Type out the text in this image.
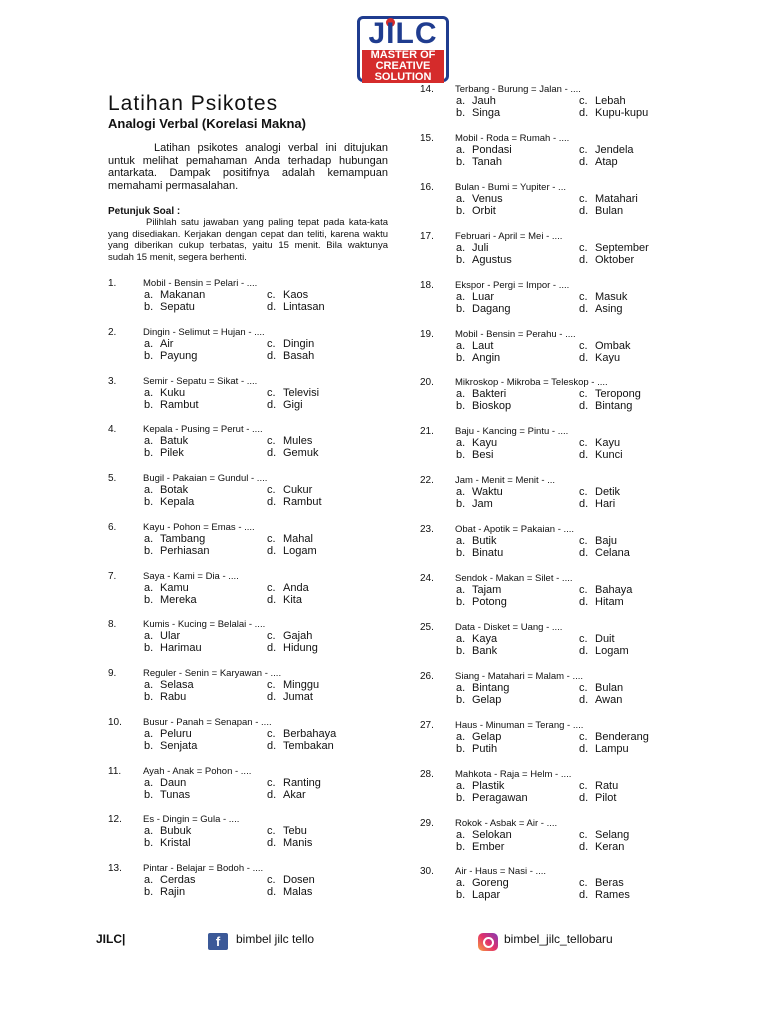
JILC
MASTER OF
CREATIVE
SOLUTION
Latihan Psikotes
Analogi Verbal (Korelasi Makna)
Latihan psikotes analogi verbal ini ditujukan untuk melihat pemahaman Anda terhadap hubungan antarkata. Dampak positifnya adalah kemampuan memahami permasalahan.
Petunjuk Soal :
Pilihlah satu jawaban yang paling tepat pada kata-kata yang disediakan. Kerjakan dengan cepat dan teliti, karena waktu yang diberikan cukup terbatas, yaitu 15 menit. Bila waktunya sudah 15 menit, segera berhenti.
1.	Mobil - Bensin = Pelari - ....
a. Makanan
b. Sepatu
c. Kaos
d. Lintasan
2.	Dingin - Selimut = Hujan - ....
a. Air
b. Payung
c. Dingin
d. Basah
3.	Semir - Sepatu = Sikat - ....
a. Kuku
b. Rambut
c. Televisi
d. Gigi
4.	Kepala - Pusing = Perut - ....
a. Batuk
b. Pilek
c. Mules
d. Gemuk
5.	Bugil - Pakaian = Gundul - ....
a. Botak
b. Kepala
c. Cukur
d. Rambut
6.	Kayu - Pohon = Emas - ....
a. Tambang
b. Perhiasan
c. Mahal
d. Logam
7.	Saya - Kami = Dia - ....
a. Kamu
b. Mereka
c. Anda
d. Kita
8.	Kumis - Kucing = Belalai - ....
a. Ular
b. Harimau
c. Gajah
d. Hidung
9.	Reguler - Senin = Karyawan - ....
a. Selasa
b. Rabu
c. Minggu
d. Jumat
10. Busur - Panah = Senapan - ....
a. Peluru
b. Senjata
c. Berbahaya
d. Tembakan
11. Ayah - Anak = Pohon - ....
a. Daun
b. Tunas
c. Ranting
d. Akar
12. Es - Dingin = Gula - ....
a. Bubuk
b. Kristal
c. Tebu
d. Manis
13. Pintar - Belajar = Bodoh - ....
a. Cerdas
b. Rajin
c. Dosen
d. Malas
14. Terbang - Burung = Jalan - ....
a. Jauh
b. Singa
c. Lebah
d. Kupu-kupu
15. Mobil - Roda = Rumah - ....
a. Pondasi
b. Tanah
c. Jendela
d. Atap
16. Bulan - Bumi = Yupiter - ...
a. Venus
b. Orbit
c. Matahari
d. Bulan
17. Februari - April = Mei - ....
a. Juli
b. Agustus
c. September
d. Oktober
18. Ekspor - Pergi = Impor - ....
a. Luar
b. Dagang
c. Masuk
d. Asing
19. Mobil - Bensin = Perahu - ....
a. Laut
b. Angin
c. Ombak
d. Kayu
20. Mikroskop - Mikroba = Teleskop - ....
a. Bakteri
b. Bioskop
c. Teropong
d. Bintang
21. Baju - Kancing = Pintu - ....
a. Kayu
b. Besi
c. Kayu
d. Kunci
22. Jam - Menit = Menit - ...
a. Waktu
b. Jam
c. Detik
d. Hari
23. Obat - Apotik = Pakaian - ....
a. Butik
b. Binatu
c. Baju
d. Celana
24. Sendok - Makan = Silet - ....
a. Tajam
b. Potong
c. Bahaya
d. Hitam
25. Data - Disket = Uang - ....
a. Kaya
b. Bank
c. Duit
d. Logam
26. Siang - Matahari = Malam - ....
a. Bintang
b. Gelap
c. Bulan
d. Awan
27. Haus - Minuman = Terang - ....
a. Gelap
b. Putih
c. Benderang
d. Lampu
28. Mahkota - Raja = Helm - ....
a. Plastik
b. Peragawan
c. Ratu
d. Pilot
29. Rokok - Asbak = Air - ....
a. Selokan
b. Ember
c. Selang
d. Keran
30. Air - Haus = Nasi - ....
a. Goreng
b. Lapar
c. Beras
d. Rames
JILC|	f	bimbel jilc tello	bimbel_jilc_tellobaru
